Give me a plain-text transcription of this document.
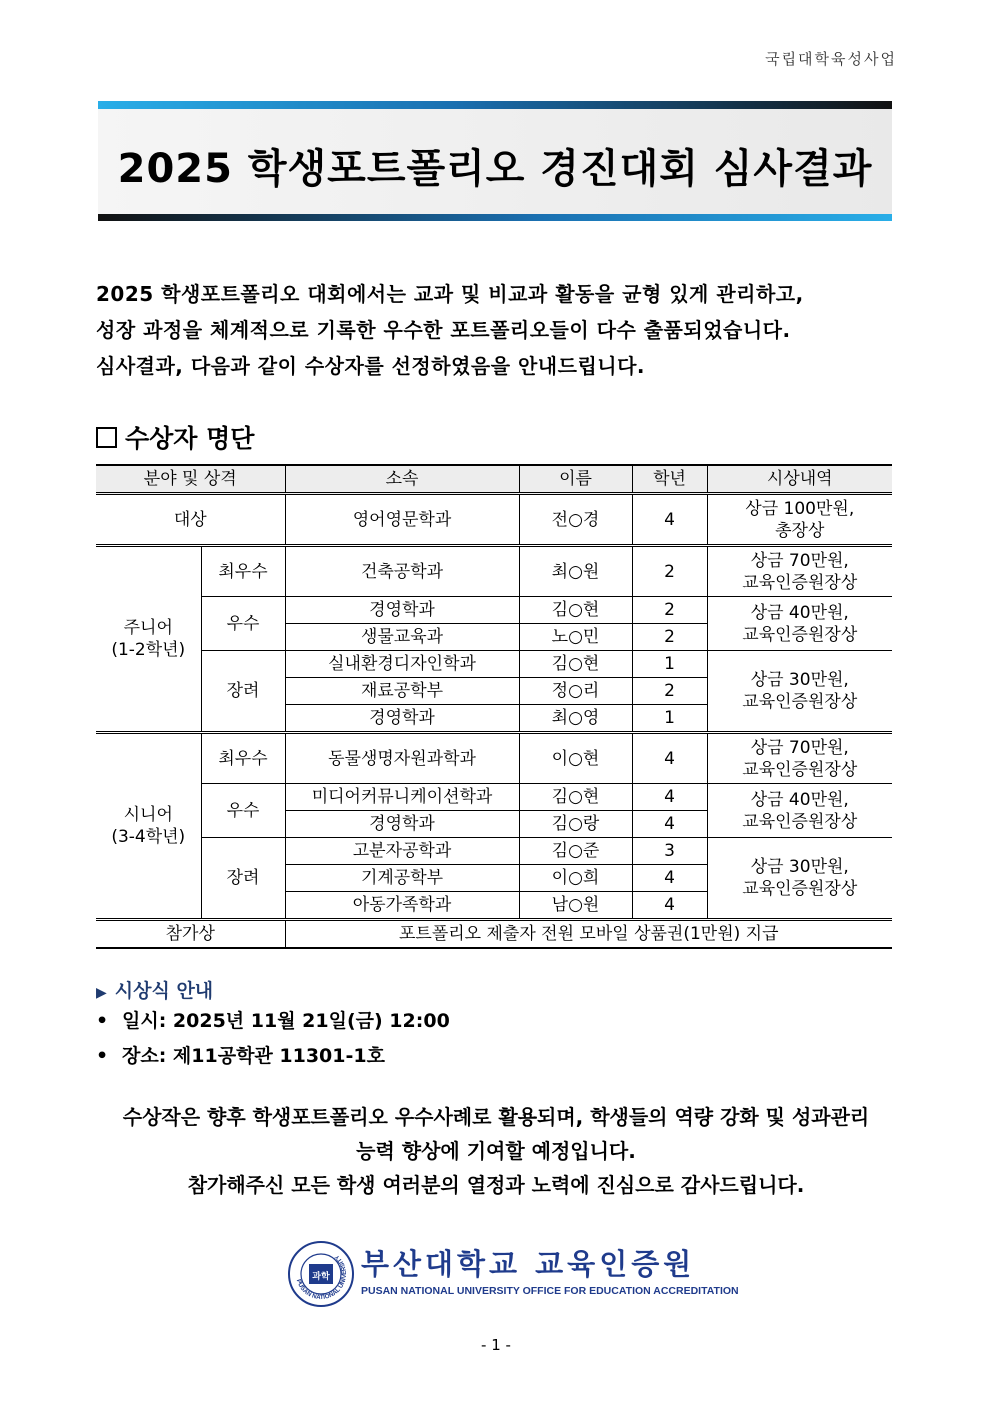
국립대학육성사업
2025 학생포트폴리오 경진대회 심사결과
2025 학생포트폴리오 대회에서는 교과 및 비교과 활동을 균형 있게 관리하고,
성장 과정을 체계적으로 기록한 우수한 포트폴리오들이 다수 출품되었습니다.
심사결과, 다음과 같이 수상자를 선정하였음을 안내드립니다.
수상자 명단
분야 및 상격		소속	이름	학년	시상내역
대상		영어영문학과	전○경	4	상금 100만원,
총장상
주니어
(1-2학년)	최우수	건축공학과	최○원	2	상금 70만원,
교육인증원장상
	우수	경영학과	김○현	2	상금 40만원,
교육인증원장상
		생물교육과	노○민	2	
	장려	실내환경디자인학과	김○현	1	상금 30만원,
교육인증원장상
		재료공학부	정○리	2	
		경영학과	최○영	1	
시니어
(3-4학년)	최우수	동물생명자원과학과	이○현	4	상금 70만원,
교육인증원장상
	우수	미디어커뮤니케이션학과	김○현	4	상금 40만원,
교육인증원장상
		경영학과	김○랑	4	
	장려	고분자공학과	김○준	3	상금 30만원,
교육인증원장상
		기계공학부	이○희	4	
		아동가족학과	남○원	4	
참가상		포트폴리오 제출자 전원 모바일 상품권(1만원) 지급			
▶ 시상식 안내
• 일시: 2025년 11월 21일(금) 12:00
• 장소: 제11공학관 11301-1호
수상작은 향후 학생포트폴리오 우수사례로 활용되며, 학생들의 역량 강화 및 성과관리
능력 향상에 기여할 예정입니다.
참가해주신 모든 학생 여러분의 열정과 노력에 진심으로 감사드립니다.
PUSAN NATIONAL UNIVERSITY
과학 부산대학교 교육인증원
PUSAN NATIONAL UNIVERSITY OFFICE FOR EDUCATION ACCREDITATION
- 1 -
